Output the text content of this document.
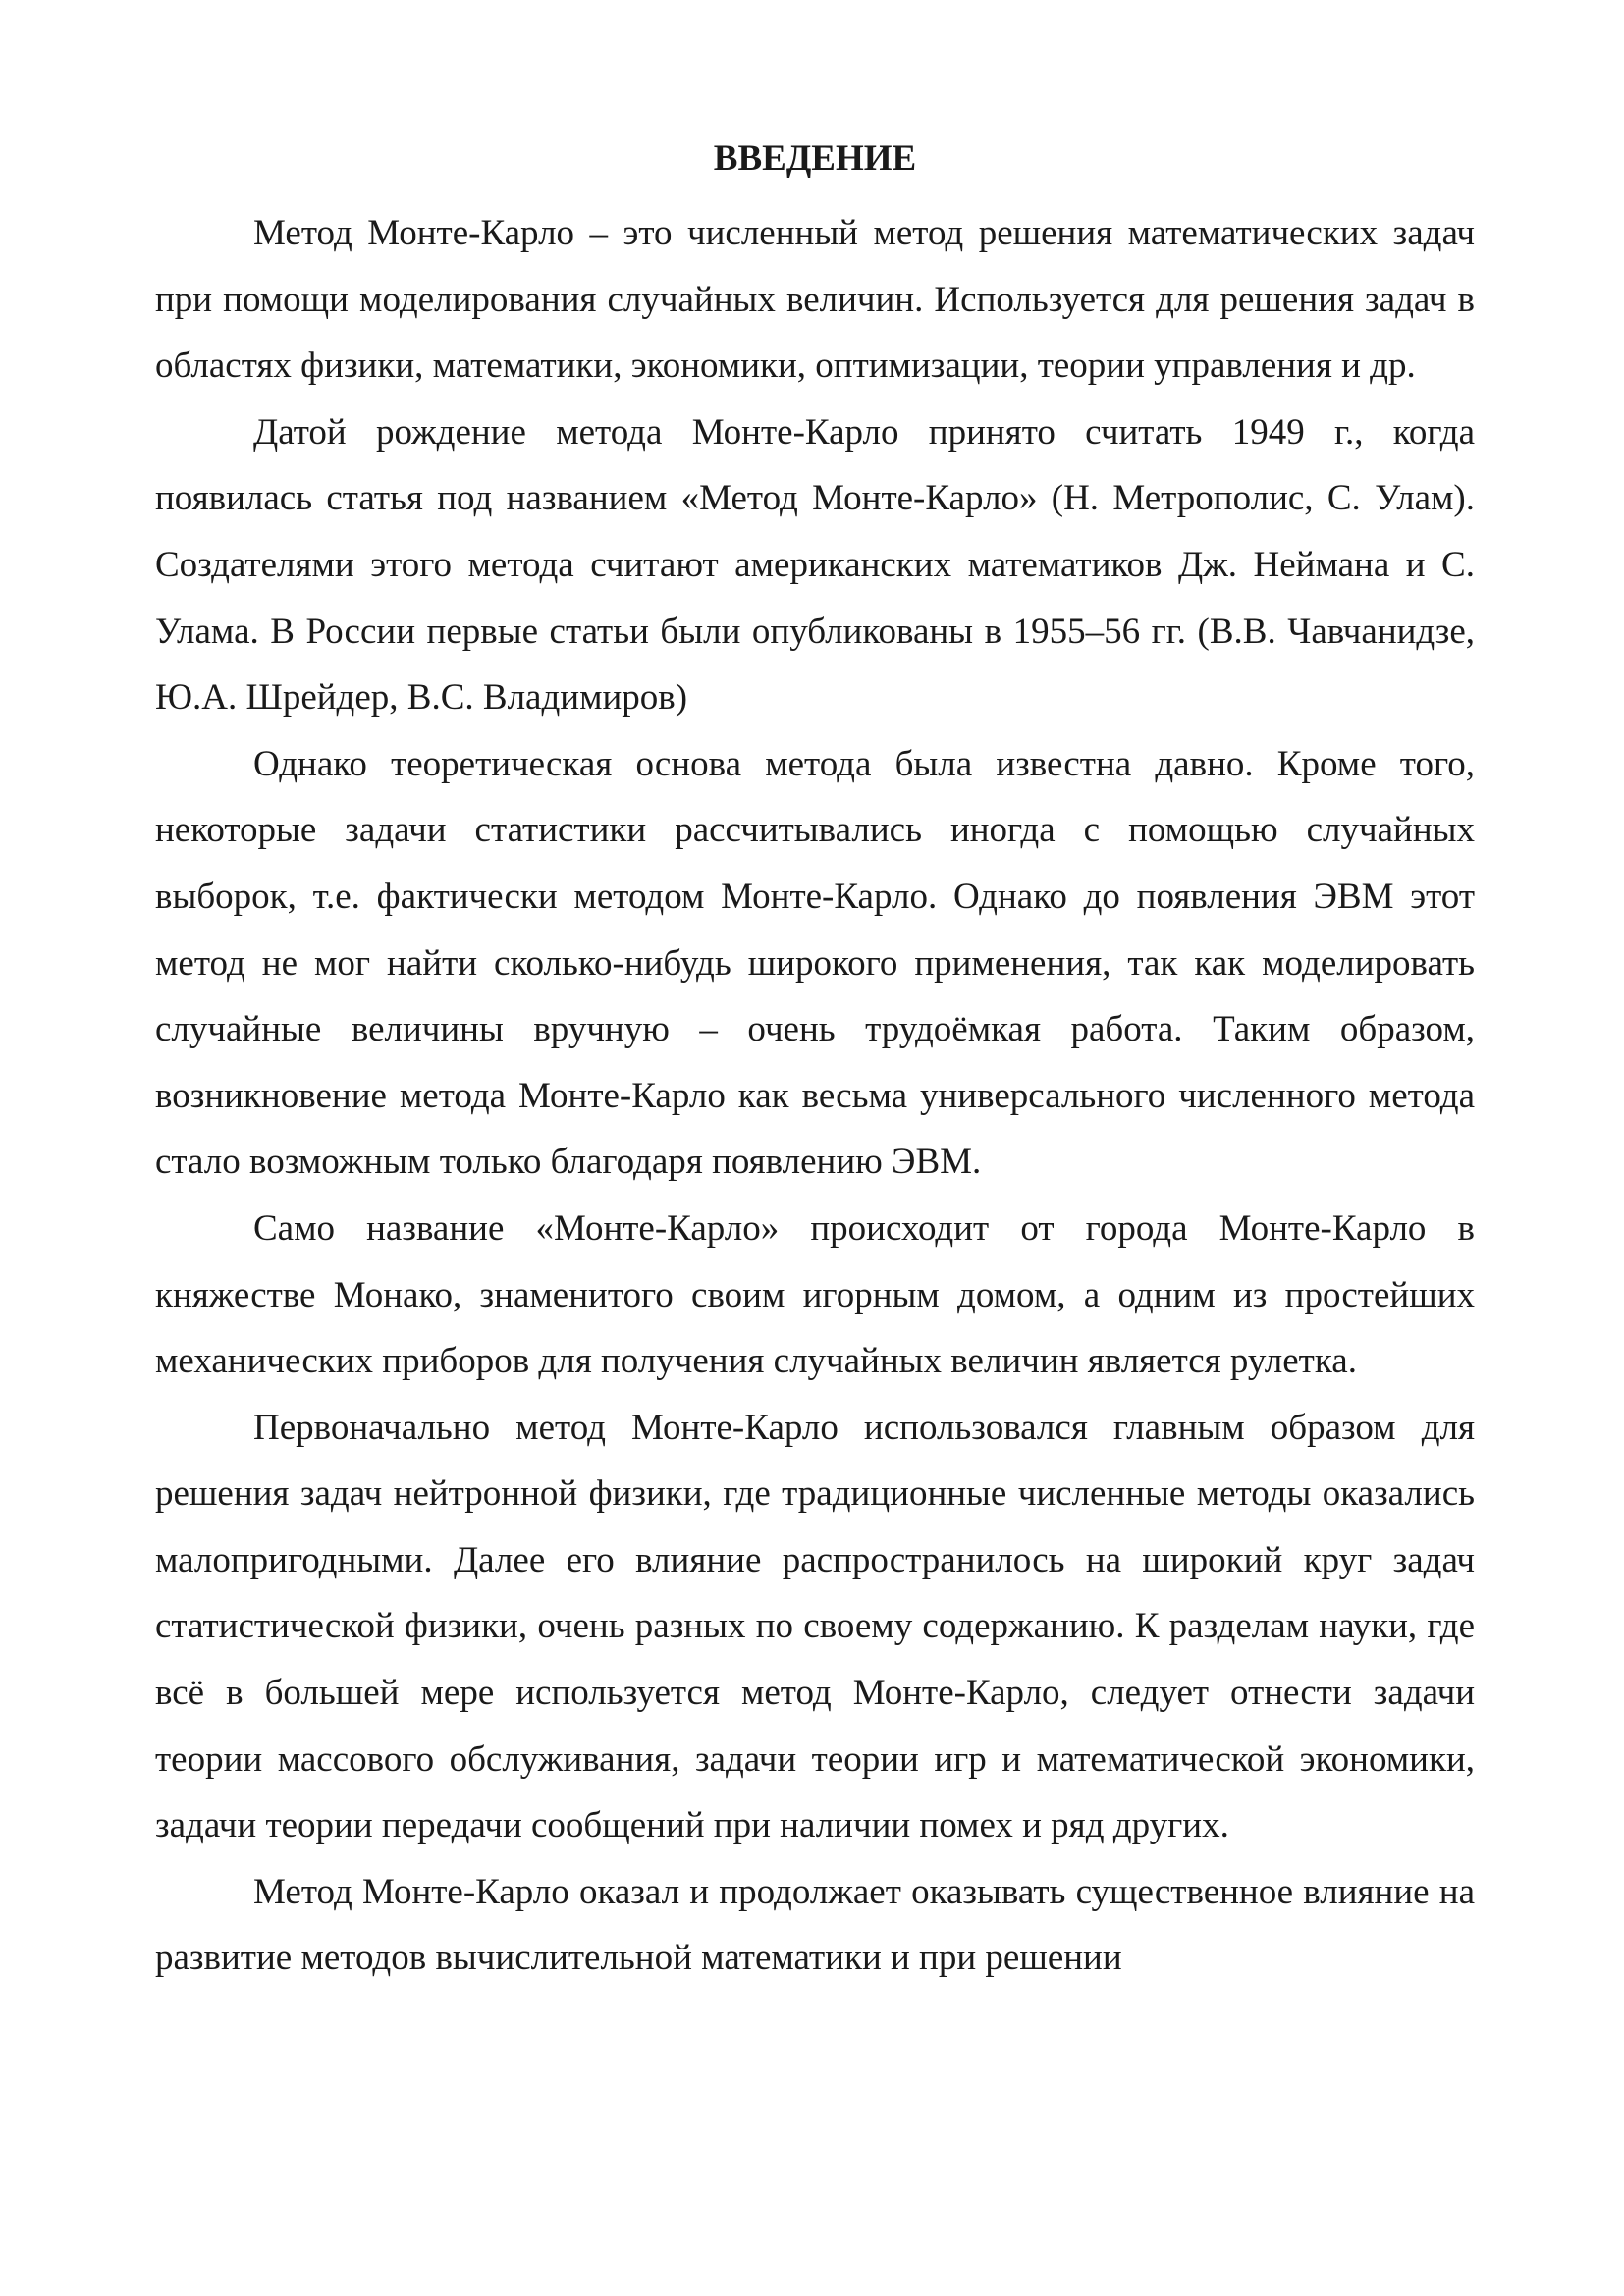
ВВЕДЕНИЕ

Метод Монте-Карло – это численный метод решения математических задач при помощи моделирования случайных величин. Используется для решения задач в областях физики, математики, экономики, оптимизации, теории управления и др.

Датой рождение метода Монте-Карло принято считать 1949 г., когда появилась статья под названием «Метод Монте-Карло» (Н. Метрополис, С. Улам). Создателями этого метода считают американских математиков Дж. Неймана и С. Улама. В России первые статьи были опубликованы в 1955–56 гг. (В.В. Чавчанидзе, Ю.А. Шрейдер, В.С. Владимиров)

Однако теоретическая основа метода была известна давно. Кроме того, некоторые задачи статистики рассчитывались иногда с помощью случайных выборок, т.е. фактически методом Монте-Карло. Однако до появления ЭВМ этот метод не мог найти сколько-нибудь широкого применения, так как моделировать случайные величины вручную – очень трудоёмкая работа. Таким образом, возникновение метода Монте-Карло как весьма универсального численного метода стало возможным только благодаря появлению ЭВМ.

Само название «Монте-Карло» происходит от города Монте-Карло в княжестве Монако, знаменитого своим игорным домом, а одним из простейших механических приборов для получения случайных величин является рулетка.

Первоначально метод Монте-Карло использовался главным образом для решения задач нейтронной физики, где традиционные численные методы оказались малопригодными. Далее его влияние распространилось на широкий круг задач статистической физики, очень разных по своему содержанию. К разделам науки, где всё в большей мере используется метод Монте-Карло, следует отнести задачи теории массового обслуживания, задачи теории игр и математической экономики, задачи теории передачи сообщений при наличии помех и ряд других.

Метод Монте-Карло оказал и продолжает оказывать существенное влияние на развитие методов вычислительной математики и при решении
